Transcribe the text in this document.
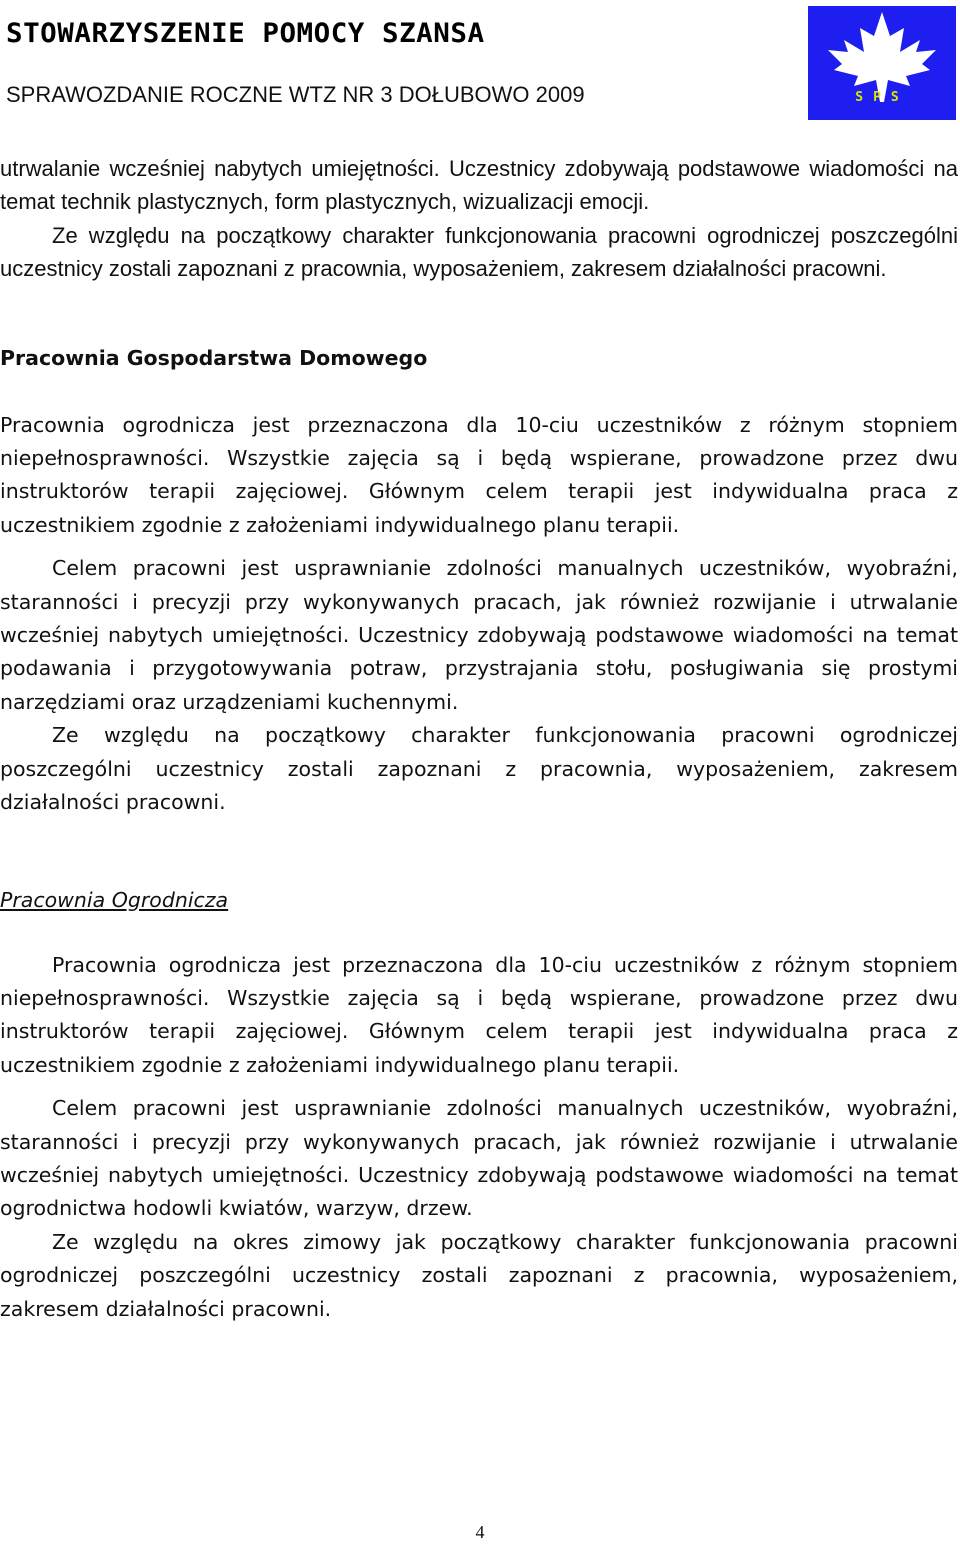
STOWARZYSZENIE POMOCY SZANSA
SPRAWOZDANIE ROCZNE WTZ NR 3 DOŁUBOWO 2009	SPS

utrwalanie wcześniej nabytych umiejętności. Uczestnicy zdobywają podstawowe wiadomości na temat technik plastycznych, form plastycznych, wizualizacji emocji.

Ze względu na początkowy charakter funkcjonowania pracowni ogrodniczej poszczególni uczestnicy zostali zapoznani z pracownia, wyposażeniem, zakresem działalności pracowni.

Pracownia Gospodarstwa Domowego

Pracownia ogrodnicza jest przeznaczona dla 10-ciu uczestników z różnym stopniem niepełnosprawności. Wszystkie zajęcia są i będą wspierane, prowadzone przez dwu instruktorów terapii zajęciowej. Głównym celem terapii jest indywidualna praca z uczestnikiem zgodnie z założeniami indywidualnego planu terapii.

Celem pracowni jest usprawnianie zdolności manualnych uczestników, wyobraźni, staranności i precyzji przy wykonywanych pracach, jak również rozwijanie i utrwalanie wcześniej nabytych umiejętności. Uczestnicy zdobywają podstawowe wiadomości na temat podawania i przygotowywania potraw, przystrajania stołu, posługiwania się prostymi narzędziami oraz urządzeniami kuchennymi.

Ze względu na początkowy charakter funkcjonowania pracowni ogrodniczej poszczególni uczestnicy zostali zapoznani z pracownia, wyposażeniem, zakresem działalności pracowni.

Pracownia Ogrodnicza

Pracownia ogrodnicza jest przeznaczona dla 10-ciu uczestników z różnym stopniem niepełnosprawności. Wszystkie zajęcia są i będą wspierane, prowadzone przez dwu instruktorów terapii zajęciowej. Głównym celem terapii jest indywidualna praca z uczestnikiem zgodnie z założeniami indywidualnego planu terapii.

Celem pracowni jest usprawnianie zdolności manualnych uczestników, wyobraźni, staranności i precyzji przy wykonywanych pracach, jak również rozwijanie i utrwalanie wcześniej nabytych umiejętności. Uczestnicy zdobywają podstawowe wiadomości na temat ogrodnictwa hodowli kwiatów, warzyw, drzew.

Ze względu na okres zimowy jak początkowy charakter funkcjonowania pracowni ogrodniczej poszczególni uczestnicy zostali zapoznani z pracownia, wyposażeniem, zakresem działalności pracowni.

4
